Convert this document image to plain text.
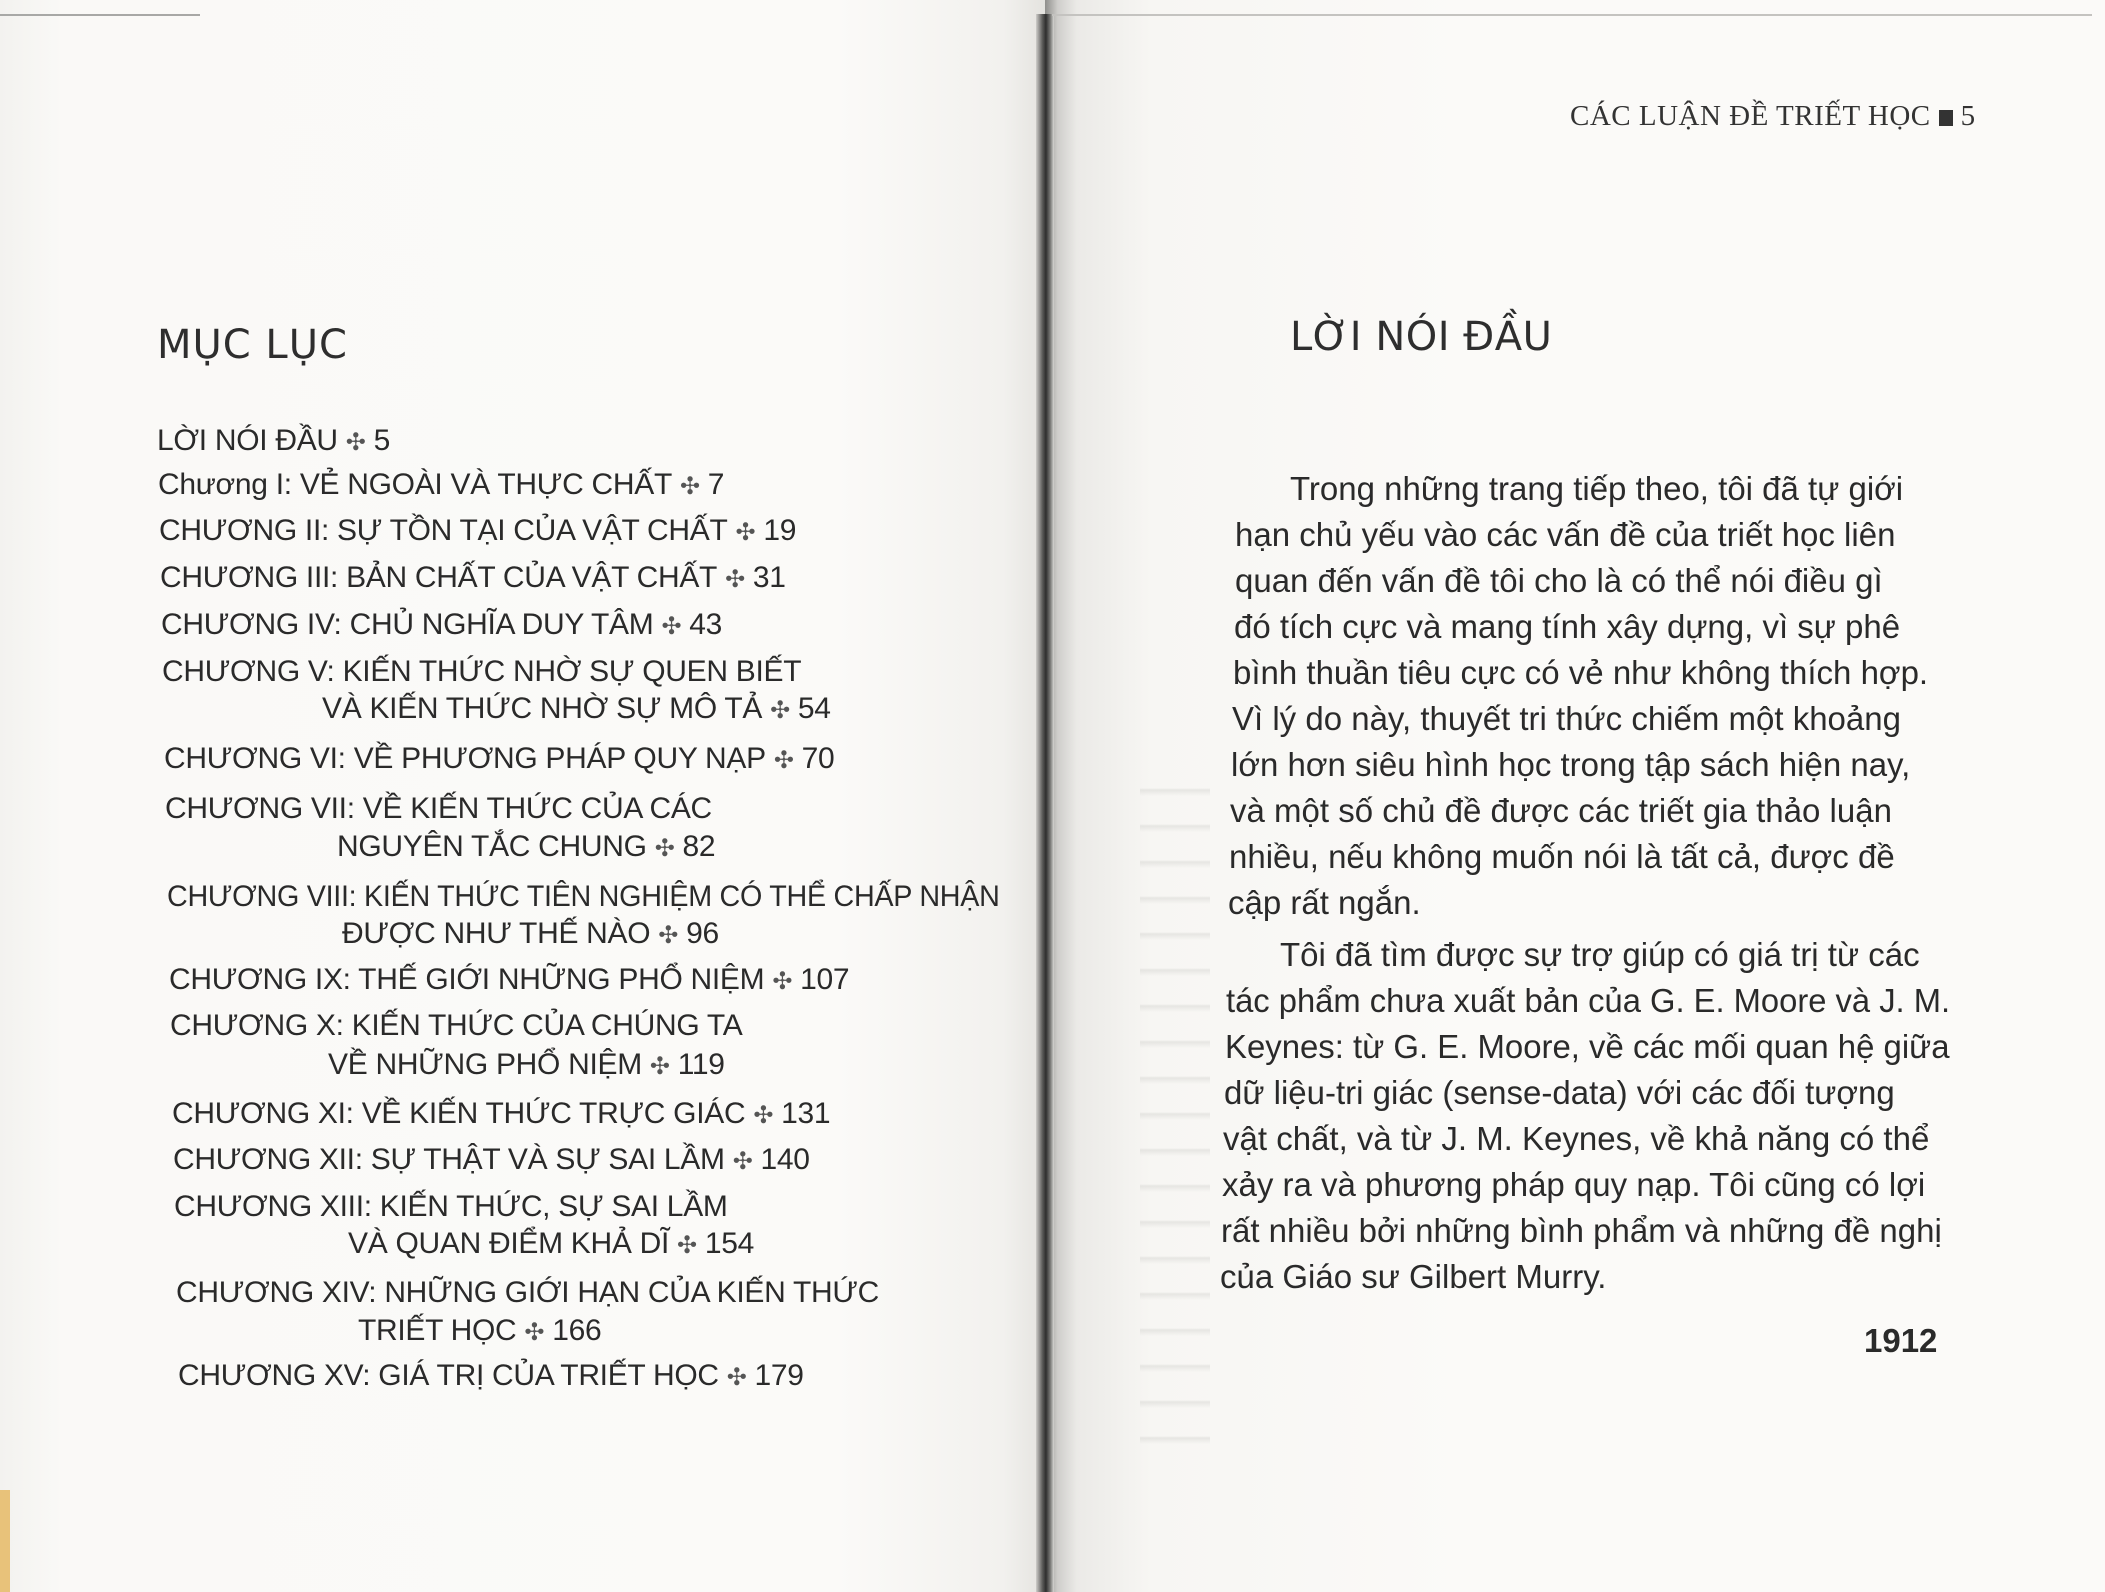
MỤC LỤC
LỜI NÓI ĐẦU ✣ 5
Chương I: VẺ NGOÀI VÀ THỰC CHẤT ✣ 7
CHƯƠNG II: SỰ TỒN TẠI CỦA VẬT CHẤT ✣ 19
CHƯƠNG III: BẢN CHẤT CỦA VẬT CHẤT ✣ 31
CHƯƠNG IV: CHỦ NGHĨA DUY TÂM ✣ 43
CHƯƠNG V: KIẾN THỨC NHỜ SỰ QUEN BIẾT
VÀ KIẾN THỨC NHỜ SỰ MÔ TẢ ✣ 54
CHƯƠNG VI: VỀ PHƯƠNG PHÁP QUY NẠP ✣ 70
CHƯƠNG VII: VỀ KIẾN THỨC CỦA CÁC
NGUYÊN TẮC CHUNG ✣ 82
CHƯƠNG VIII: KIẾN THỨC TIÊN NGHIỆM CÓ THỂ CHẤP NHẬN
ĐƯỢC NHƯ THẾ NÀO ✣ 96
CHƯƠNG IX: THẾ GIỚI NHỮNG PHỔ NIỆM ✣ 107
CHƯƠNG X: KIẾN THỨC CỦA CHÚNG TA
VỀ NHỮNG PHỔ NIỆM ✣ 119
CHƯƠNG XI: VỀ KIẾN THỨC TRỰC GIÁC ✣ 131
CHƯƠNG XII: SỰ THẬT VÀ SỰ SAI LẦM ✣ 140
CHƯƠNG XIII: KIẾN THỨC, SỰ SAI LẦM
VÀ QUAN ĐIỂM KHẢ DĨ ✣ 154
CHƯƠNG XIV: NHỮNG GIỚI HẠN CỦA KIẾN THỨC
TRIẾT HỌC ✣ 166
CHƯƠNG XV: GIÁ TRỊ CỦA TRIẾT HỌC ✣ 179
CÁC LUẬN ĐỀ TRIẾT HỌC 5
LỜI NÓI ĐẦU
Trong những trang tiếp theo, tôi đã tự giới
hạn chủ yếu vào các vấn đề của triết học liên
quan đến vấn đề tôi cho là có thể nói điều gì
đó tích cực và mang tính xây dựng, vì sự phê
bình thuần tiêu cực có vẻ như không thích hợp.
Vì lý do này, thuyết tri thức chiếm một khoảng
lớn hơn siêu hình học trong tập sách hiện nay,
và một số chủ đề được các triết gia thảo luận
nhiều, nếu không muốn nói là tất cả, được đề
cập rất ngắn.
Tôi đã tìm được sự trợ giúp có giá trị từ các
tác phẩm chưa xuất bản của G. E. Moore và J. M.
Keynes: từ G. E. Moore, về các mối quan hệ giữa
dữ liệu-tri giác (sense-data) với các đối tượng
vật chất, và từ J. M. Keynes, về khả năng có thể
xảy ra và phương pháp quy nạp. Tôi cũng có lợi
rất nhiều bởi những bình phẩm và những đề nghị
của Giáo sư Gilbert Murry.
1912
